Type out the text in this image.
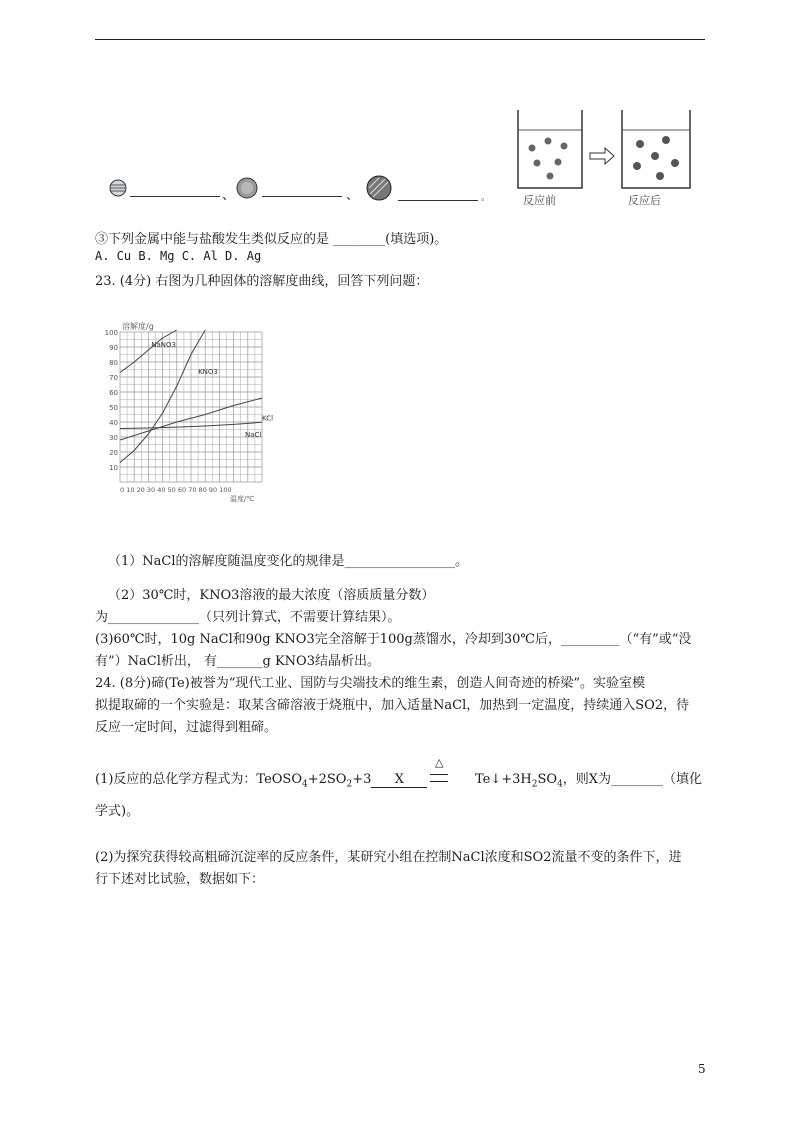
、	、	。	反应前	反应后
③下列金属中能与盐酸发生类似反应的是 ________(填选项)。
A. Cu B. Mg C. Al D. Ag
23. (4分) 右图为几种固体的溶解度曲线，回答下列问题：
100
90
80
70
60
50
40
30
20
10
0 10 20 30 40 50 60 70 80 90 100
溶解度/g
温度/℃
NaNO3
KNO3
KCl
NaCl
（1）NaCl的溶解度随温度变化的规律是_________________。
（2）30℃时，KNO3溶液的最大浓度（溶质质量分数）
为______________（只列计算式，不需要计算结果）。
(3)60℃时，10g NaCl和90g KNO3完全溶解于100g蒸馏水，冷却到30℃后，_________（“有”或“没
有”）NaCl析出， 有_______g KNO3结晶析出。
24. (8分)碲(Te)被誉为“现代工业、国防与尖端技术的维生素，创造人间奇迹的桥梁”。实验室模
拟提取碲的一个实验是：取某含碲溶液于烧瓶中，加入适量NaCl，加热到一定温度，持续通入SO2，待
反应一定时间，过滤得到粗碲。
(1)反应的总化学方程式为：$TeOSO_4+2SO_2+3$ X
△
$Te↓+3H_2SO_4$，则X为________（填化
学式)。
(2)为探究获得较高粗碲沉淀率的反应条件，某研究小组在控制NaCl浓度和SO2流量不变的条件下，进
行下述对比试验，数据如下：
5
